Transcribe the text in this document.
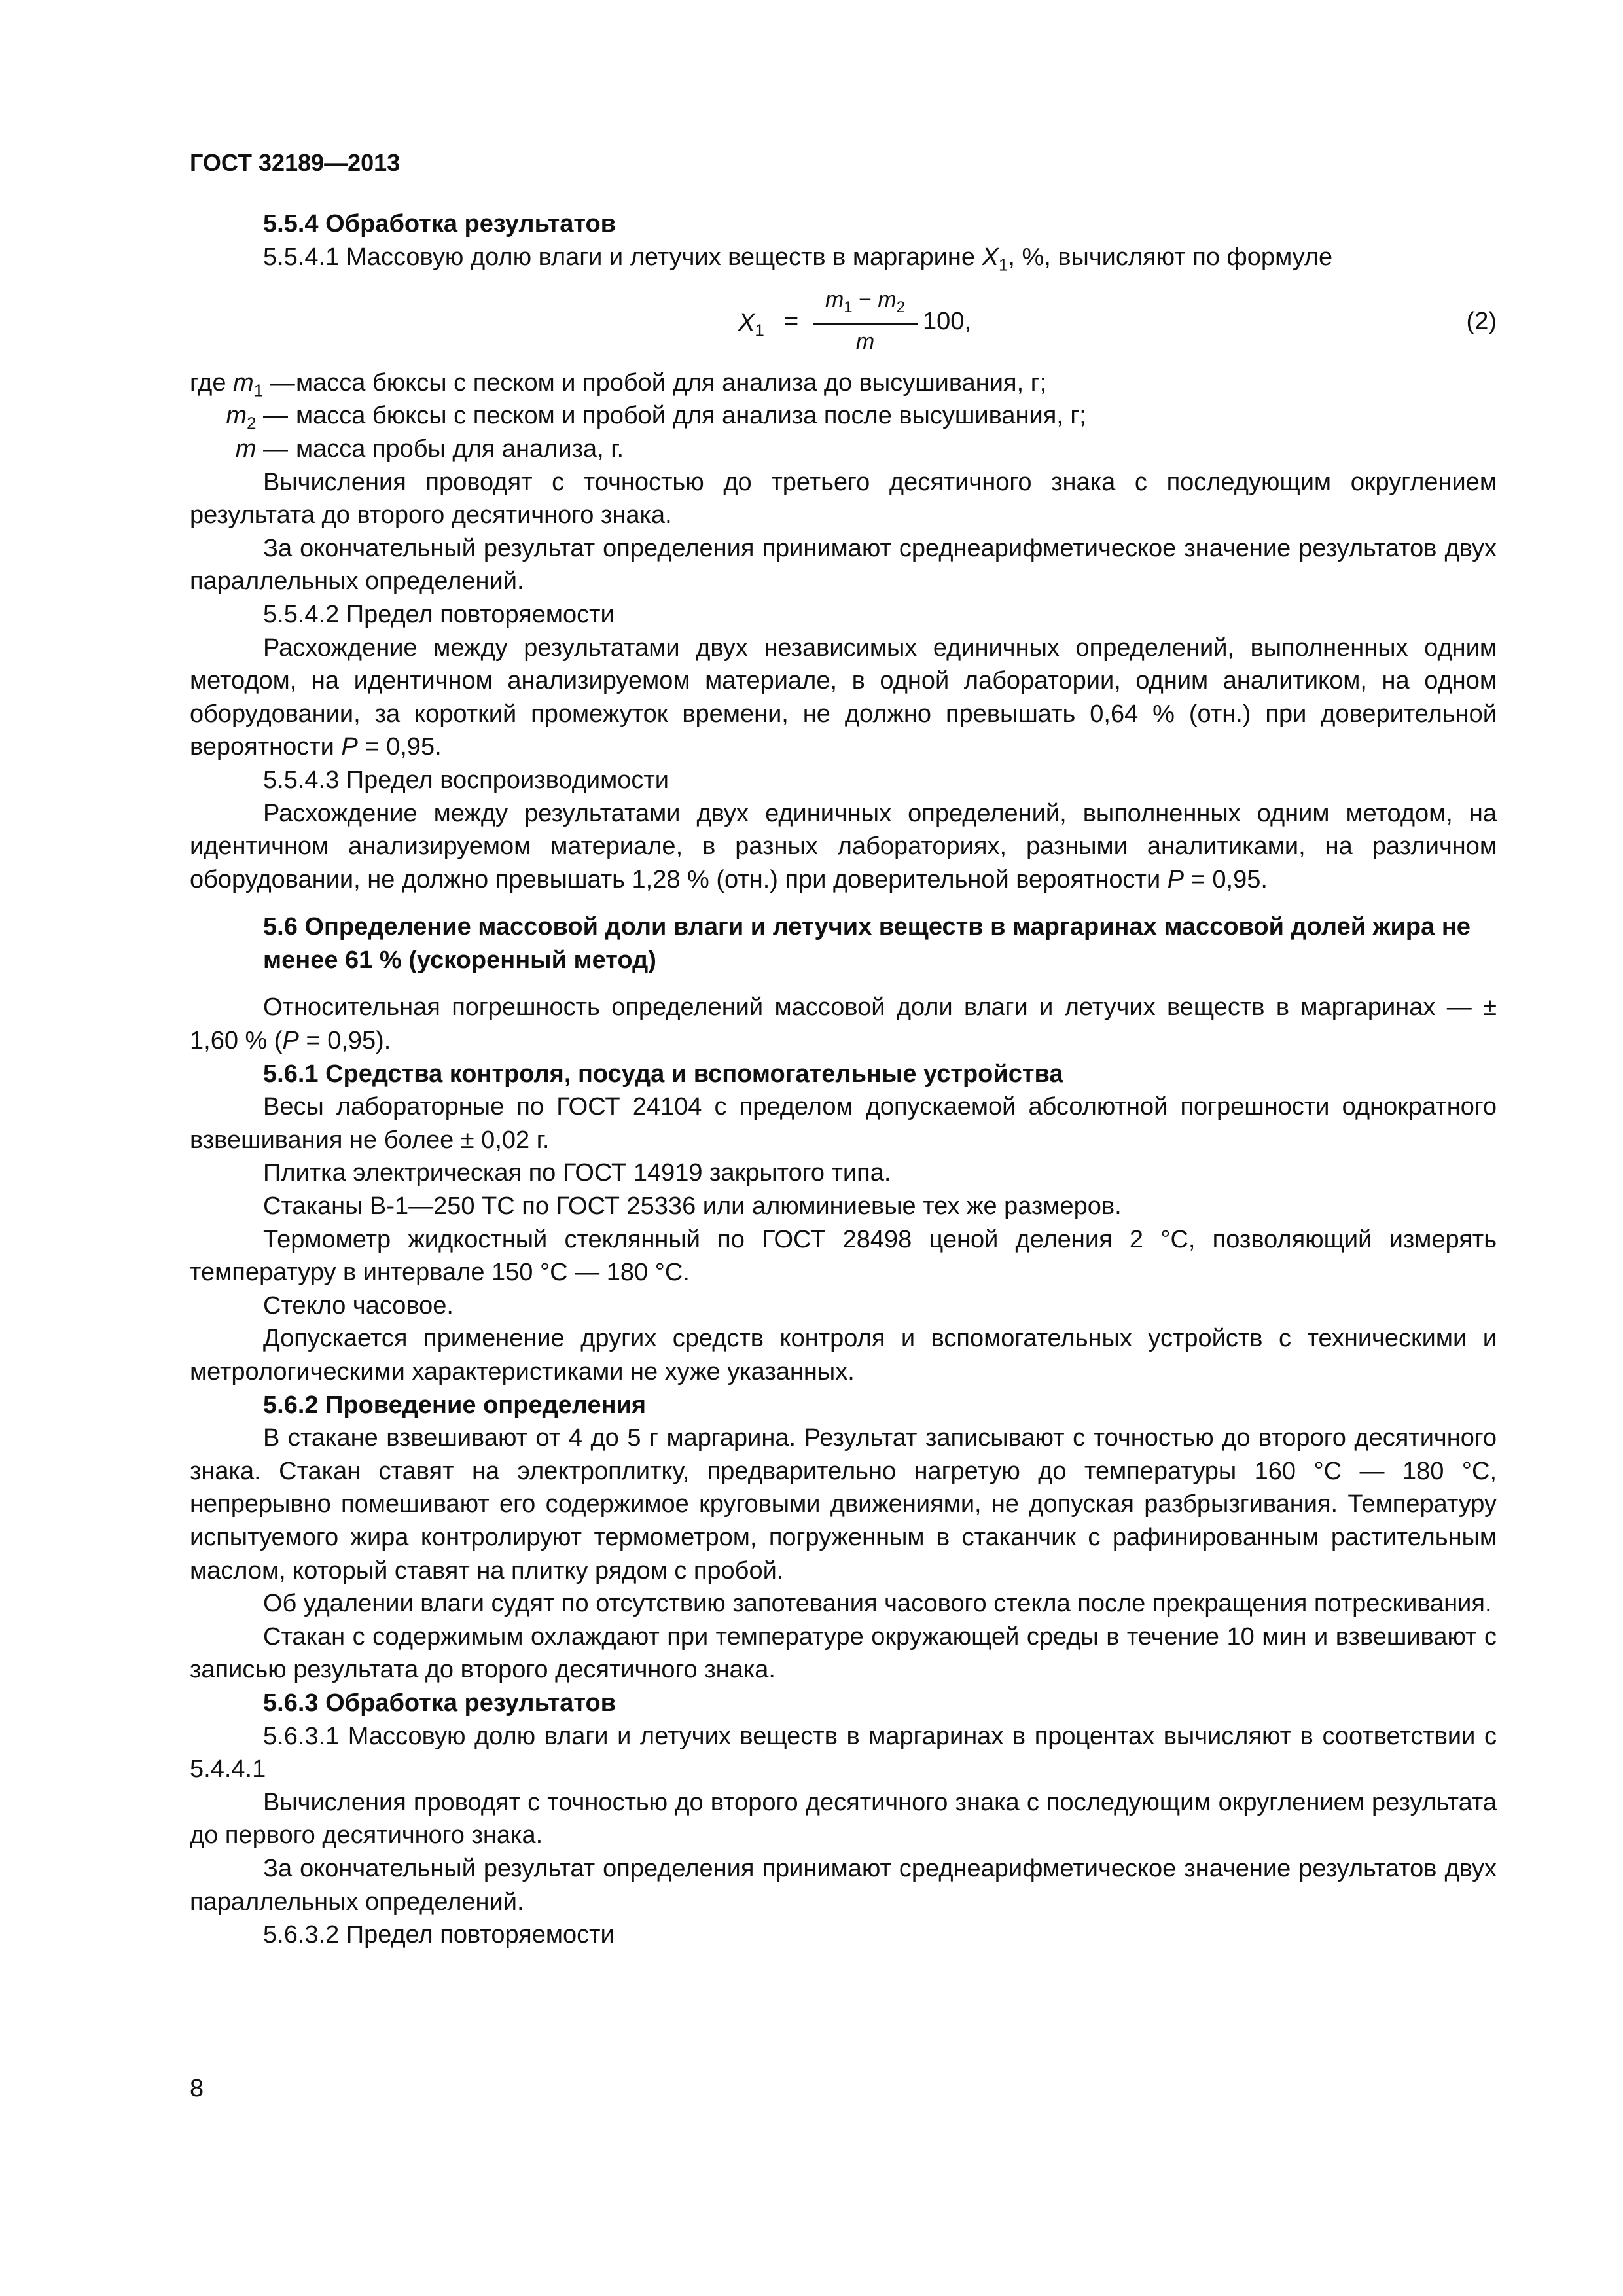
ГОСТ 32189—2013

5.5.4 Обработка результатов

5.5.4.1 Массовую долю влаги и летучих веществ в маргарине $X_1$, %, вычисляют по формуле

$X_1$ =
$m_1 - m_2$
m
100,	(2)
где $m_1$ — масса бюксы с песком и пробой для анализа до высушивания, г;
$m_2$ — масса бюксы с песком и пробой для анализа после высушивания, г;
m — масса пробы для анализа, г.

Вычисления проводят с точностью до третьего десятичного знака с последующим округлением результата до второго десятичного знака.

За окончательный результат определения принимают среднеарифметическое значение результатов двух параллельных определений.

5.5.4.2 Предел повторяемости

Расхождение между результатами двух независимых единичных определений, выполненных одним методом, на идентичном анализируемом материале, в одной лаборатории, одним аналитиком, на одном оборудовании, за короткий промежуток времени, не должно превышать 0,64 % (отн.) при доверительной вероятности P = 0,95.

5.5.4.3 Предел воспроизводимости

Расхождение между результатами двух единичных определений, выполненных одним методом, на идентичном анализируемом материале, в разных лабораториях, разными аналитиками, на различном оборудовании, не должно превышать 1,28 % (отн.) при доверительной вероятности P = 0,95.

5.6 Определение массовой доли влаги и летучих веществ в маргаринах массовой долей жира не менее 61 % (ускоренный метод)

Относительная погрешность определений массовой доли влаги и летучих веществ в маргаринах — ± 1,60 % (P = 0,95).

5.6.1 Средства контроля, посуда и вспомогательные устройства

Весы лабораторные по ГОСТ 24104 с пределом допускаемой абсолютной погрешности однократного взвешивания не более ± 0,02 г.

Плитка электрическая по ГОСТ 14919 закрытого типа.

Стаканы В-1—250 ТС по ГОСТ 25336 или алюминиевые тех же размеров.

Термометр жидкостный стеклянный по ГОСТ 28498 ценой деления 2 °С, позволяющий измерять температуру в интервале 150 °С — 180 °С.

Стекло часовое.

Допускается применение других средств контроля и вспомогательных устройств с техническими и метрологическими характеристиками не хуже указанных.

5.6.2 Проведение определения

В стакане взвешивают от 4 до 5 г маргарина. Результат записывают с точностью до второго десятичного знака. Стакан ставят на электроплитку, предварительно нагретую до температуры 160 °С — 180 °С, непрерывно помешивают его содержимое круговыми движениями, не допуская разбрызгивания. Температуру испытуемого жира контролируют термометром, погруженным в стаканчик с рафинированным растительным маслом, который ставят на плитку рядом с пробой.

Об удалении влаги судят по отсутствию запотевания часового стекла после прекращения потрескивания.

Стакан с содержимым охлаждают при температуре окружающей среды в течение 10 мин и взвешивают с записью результата до второго десятичного знака.

5.6.3 Обработка результатов

5.6.3.1 Массовую долю влаги и летучих веществ в маргаринах в процентах вычисляют в соответствии с 5.4.4.1

Вычисления проводят с точностью до второго десятичного знака с последующим округлением результата до первого десятичного знака.

За окончательный результат определения принимают среднеарифметическое значение результатов двух параллельных определений.

5.6.3.2 Предел повторяемости

8
